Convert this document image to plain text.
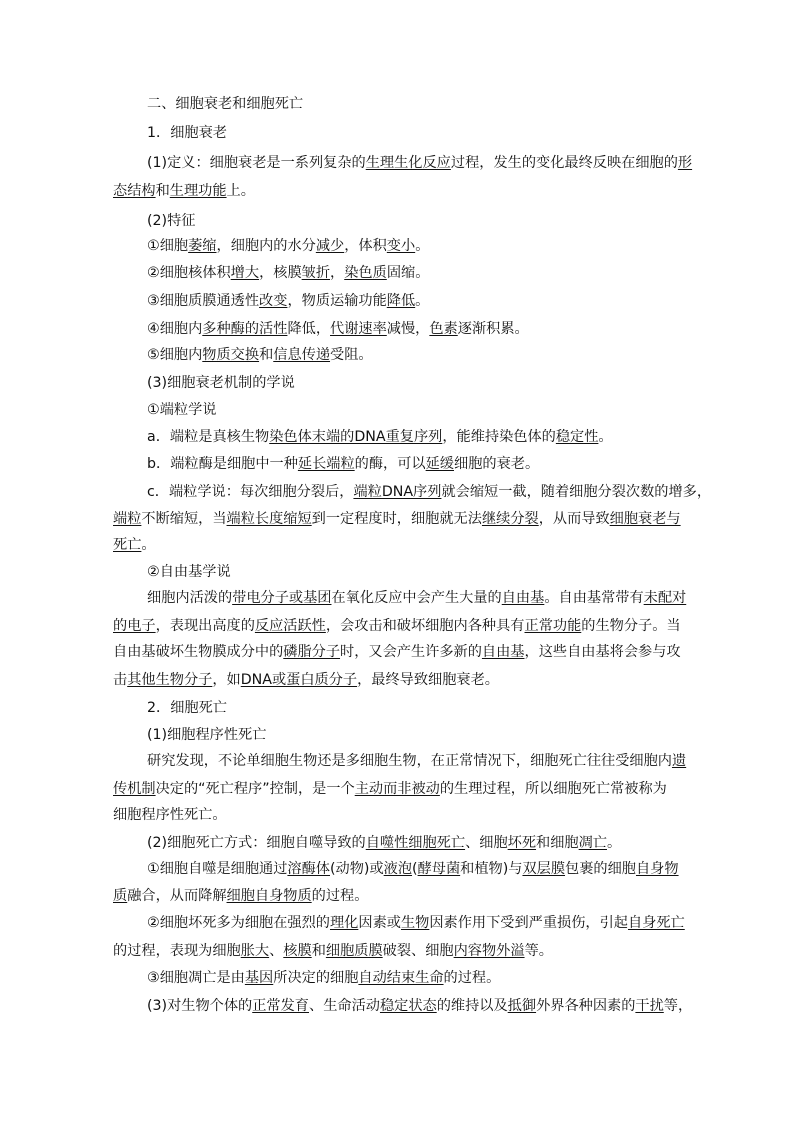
二、细胞衰老和细胞死亡
1．细胞衰老
(1)定义：细胞衰老是一系列复杂的生理生化反应过程，发生的变化最终反映在细胞的形
态结构和生理功能上。
(2)特征
①细胞萎缩，细胞内的水分减少，体积变小。
②细胞核体积增大，核膜皱折，染色质固缩。
③细胞质膜通透性改变，物质运输功能降低。
④细胞内多种酶的活性降低，代谢速率减慢，色素逐渐积累。
⑤细胞内物质交换和信息传递受阻。
(3)细胞衰老机制的学说
①端粒学说
a．端粒是真核生物染色体末端的DNA重复序列，能维持染色体的稳定性。
b．端粒酶是细胞中一种延长端粒的酶，可以延缓细胞的衰老。
c．端粒学说：每次细胞分裂后，端粒DNA序列就会缩短一截，随着细胞分裂次数的增多，
端粒不断缩短，当端粒长度缩短到一定程度时，细胞就无法继续分裂，从而导致细胞衰老与
死亡。
②自由基学说
细胞内活泼的带电分子或基团在氧化反应中会产生大量的自由基。自由基常带有未配对
的电子，表现出高度的反应活跃性，会攻击和破坏细胞内各种具有正常功能的生物分子。当
自由基破坏生物膜成分中的磷脂分子时，又会产生许多新的自由基，这些自由基将会参与攻
击其他生物分子，如DNA或蛋白质分子，最终导致细胞衰老。
2．细胞死亡
(1)细胞程序性死亡
研究发现，不论单细胞生物还是多细胞生物，在正常情况下，细胞死亡往往受细胞内遗
传机制决定的“死亡程序”控制，是一个主动而非被动的生理过程，所以细胞死亡常被称为
细胞程序性死亡。
(2)细胞死亡方式：细胞自噬导致的自噬性细胞死亡、细胞坏死和细胞凋亡。
①细胞自噬是细胞通过溶酶体(动物)或液泡(酵母菌和植物)与双层膜包裹的细胞自身物
质融合，从而降解细胞自身物质的过程。
②细胞坏死多为细胞在强烈的理化因素或生物因素作用下受到严重损伤，引起自身死亡
的过程，表现为细胞胀大、核膜和细胞质膜破裂、细胞内容物外溢等。
③细胞凋亡是由基因所决定的细胞自动结束生命的过程。
(3)对生物个体的正常发育、生命活动稳定状态的维持以及抵御外界各种因素的干扰等，
